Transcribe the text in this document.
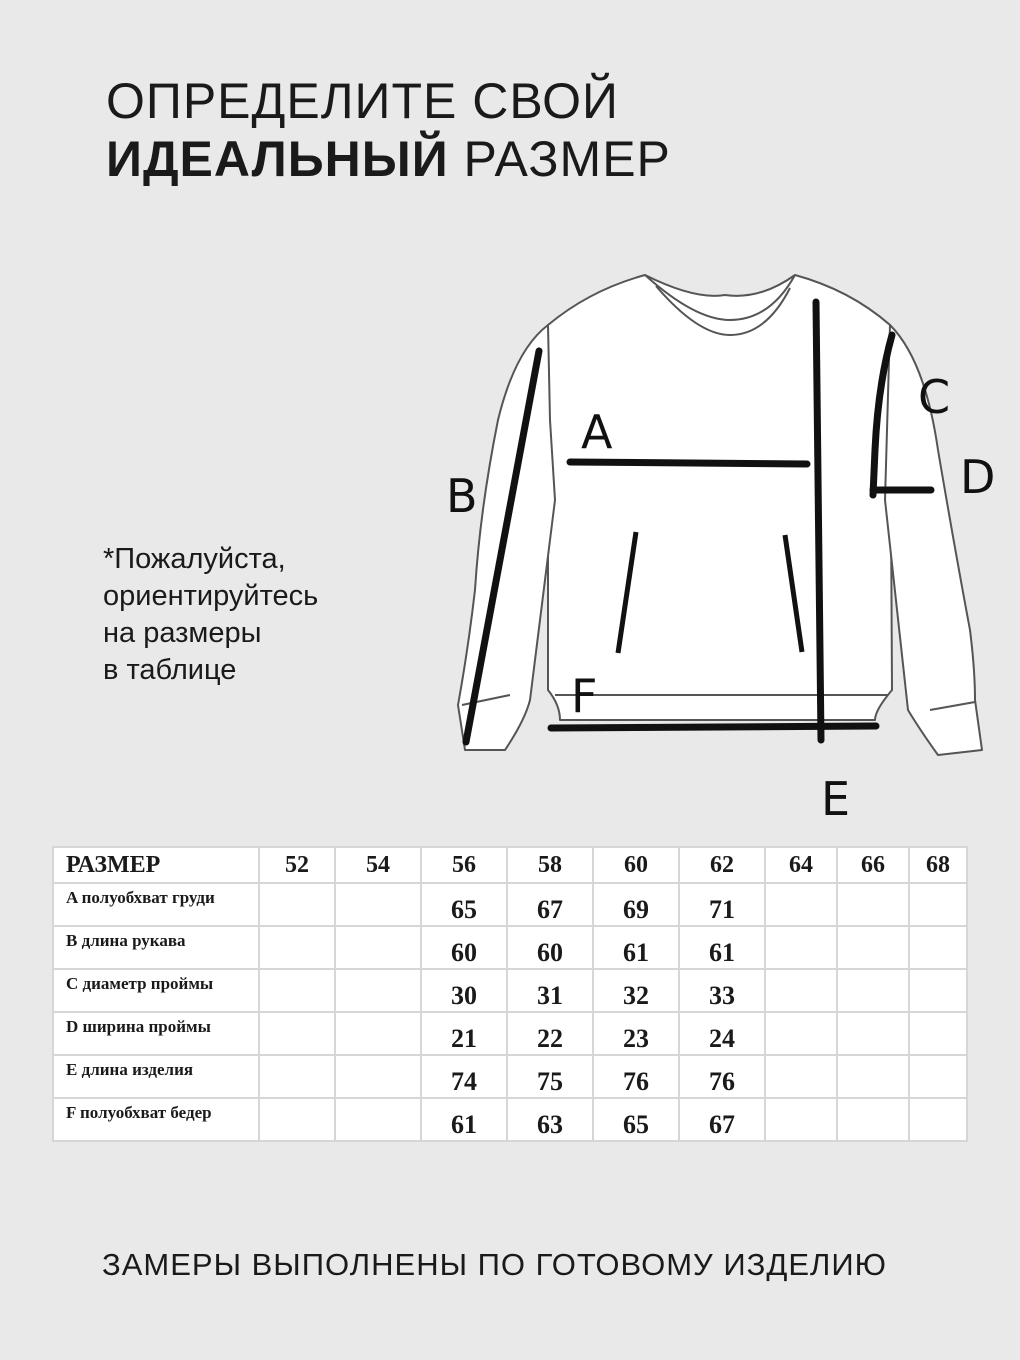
ОПРЕДЕЛИТЕ СВОЙ
ИДЕАЛЬНЫЙ РАЗМЕР
*Пожалуйста,
ориентируйтесь
на размеры
в таблице
A
B
C
D
E
F
РАЗМЕР	52	54	56	58	60	62	64	66	68
A полуобхват груди			65	67	69	71			
B длина рукава			60	60	61	61			
C диаметр проймы			30	31	32	33			
D ширина проймы			21	22	23	24			
E длина изделия			74	75	76	76			
F полуобхват бедер			61	63	65	67			
ЗАМЕРЫ ВЫПОЛНЕНЫ ПО ГОТОВОМУ ИЗДЕЛИЮ
